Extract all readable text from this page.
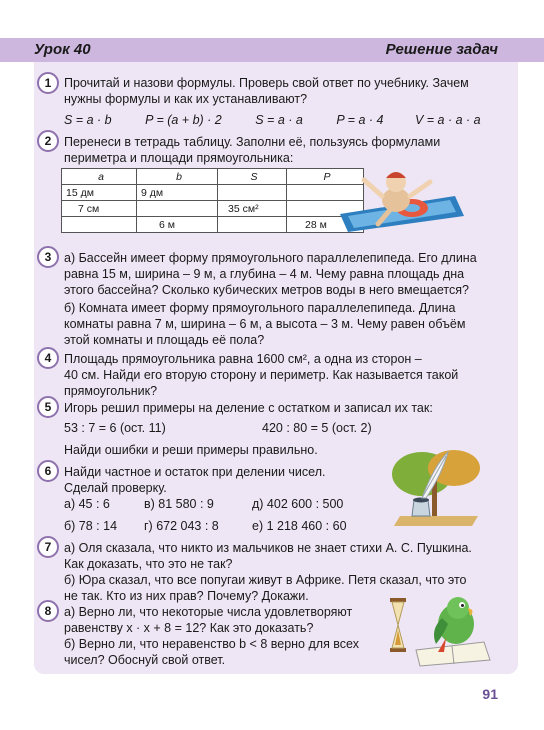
Урок 40	Решение задач
1	Прочитай и назови формулы. Проверь свой ответ по учебнику. Зачем
нужны формулы и как их устанавливают?
S = a · b	P = (a + b) · 2	S = a · a	P = a · 4	V = a · a · a
2	Перенеси в тетрадь таблицу. Заполни её, пользуясь формулами
периметра и площади прямоугольника:
a	b	S	P
15 дм	9 дм		
7 см		35 см²	
	6 м		28 м
3	а) Бассейн имеет форму прямоугольного параллелепипеда. Его длина
равна 15 м, ширина – 9 м, а глубина – 4 м. Чему равна площадь дна
этого бассейна? Сколько кубических метров воды в него вмещается?
б) Комната имеет форму прямоугольного параллелепипеда. Длина
комнаты равна 7 м, ширина – 6 м, а высота – 3 м. Чему равен объём
этой комнаты и площадь её пола?
4	Площадь прямоугольника равна 1600 см², а одна из сторон –
40 см. Найди его вторую сторону и периметр. Как называется такой
прямоугольник?
5	Игорь решил примеры на деление с остатком и записал их так:
53 : 7 = 6 (ост. 11)	420 : 80 = 5 (ост. 2)
Найди ошибки и реши примеры правильно.
6	Найди частное и остаток при делении чисел.
Сделай проверку.
а) 45 : 6
б) 78 : 14
в) 81 580 : 9
г) 672 043 : 8
д) 402 600 : 500
е) 1 218 460 : 60
7	а) Оля сказала, что никто из мальчиков не знает стихи А. С. Пушкина.
Как доказать, что это не так?
б) Юра сказал, что все попугаи живут в Африке. Петя сказал, что это
не так. Кто из них прав? Почему? Докажи.
8	а) Верно ли, что некоторые числа удовлетворяют
равенству x · x + 8 = 12? Как это доказать?
б) Верно ли, что неравенство b < 8 верно для всех
чисел? Обоснуй свой ответ.
91
